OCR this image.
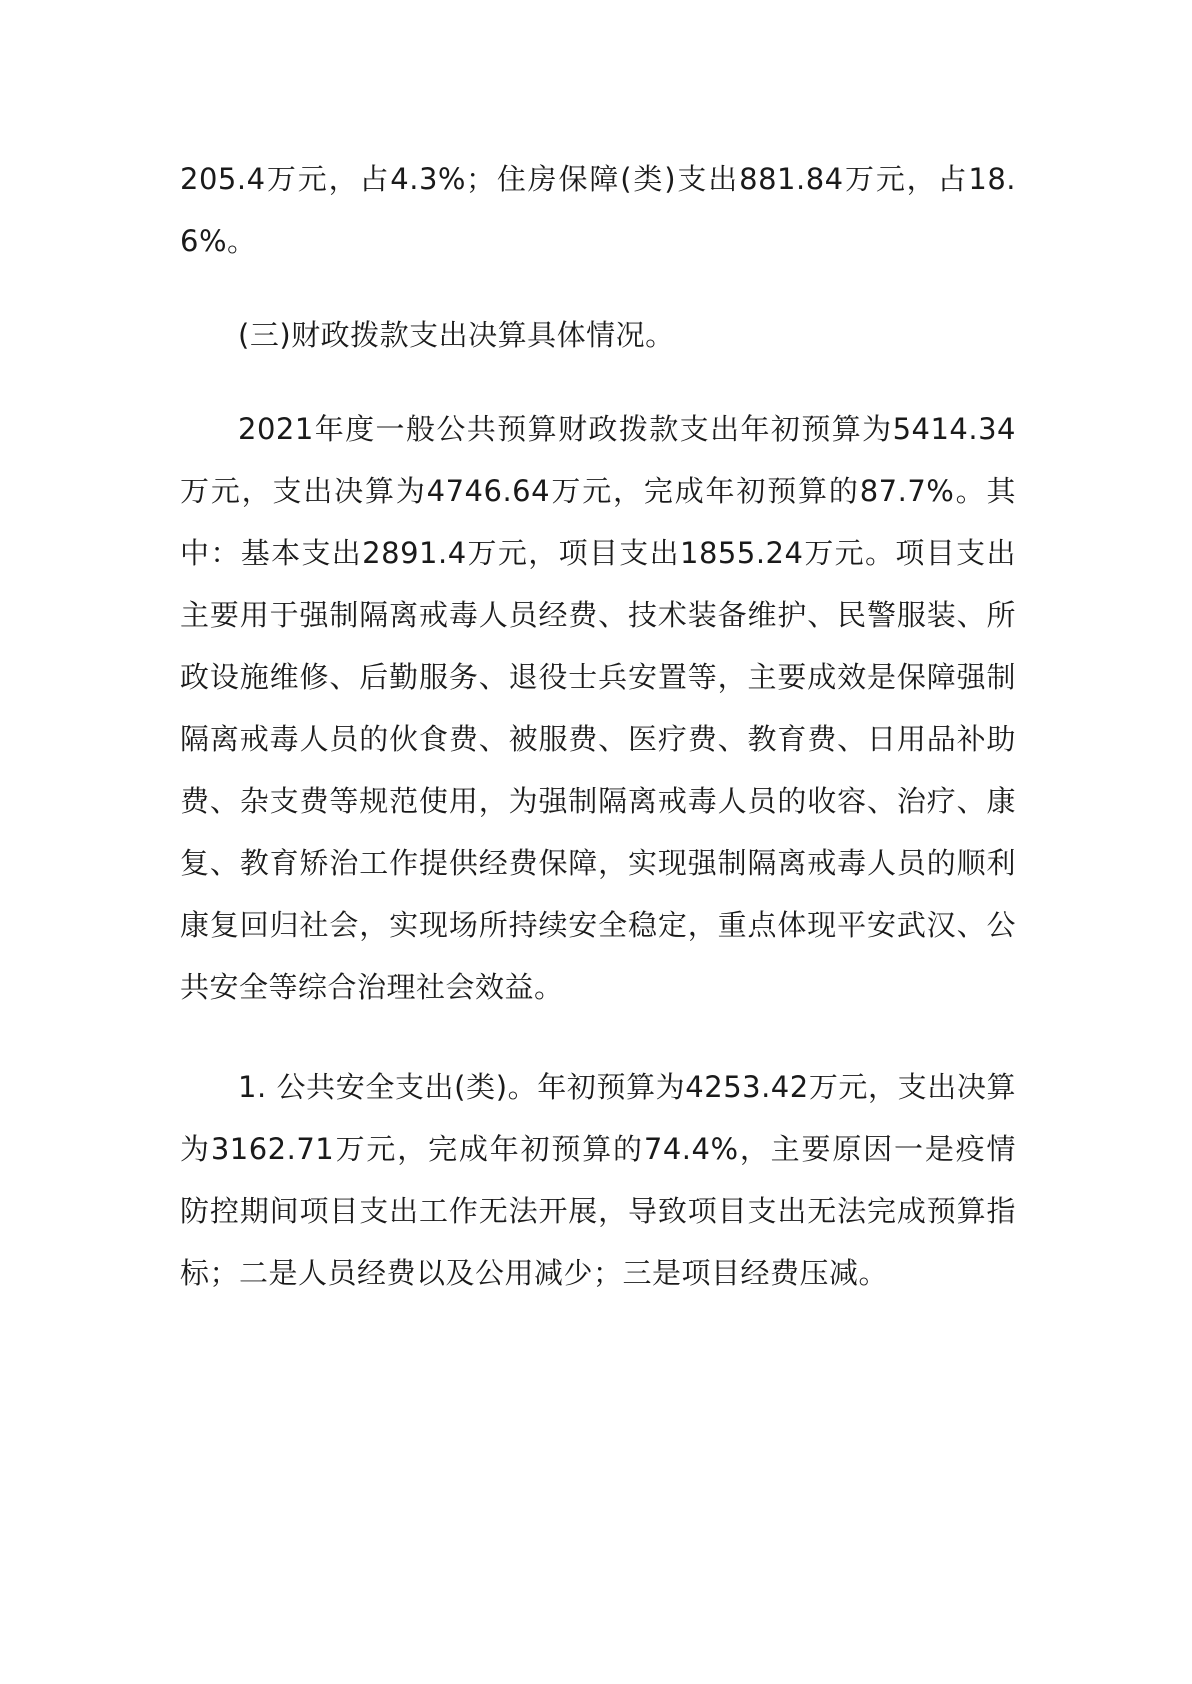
205.4万元，占4.3%；住房保障(类)支出881.84万元，占18.6%。

(三)财政拨款支出决算具体情况。

2021年度一般公共预算财政拨款支出年初预算为5414.34万元，支出决算为4746.64万元，完成年初预算的87.7%。其中：基本支出2891.4万元，项目支出1855.24万元。项目支出主要用于强制隔离戒毒人员经费、技术装备维护、民警服装、所政设施维修、后勤服务、退役士兵安置等，主要成效是保障强制隔离戒毒人员的伙食费、被服费、医疗费、教育费、日用品补助费、杂支费等规范使用，为强制隔离戒毒人员的收容、治疗、康复、教育矫治工作提供经费保障，实现强制隔离戒毒人员的顺利康复回归社会，实现场所持续安全稳定，重点体现平安武汉、公共安全等综合治理社会效益。

1. 公共安全支出(类)。年初预算为4253.42万元，支出决算为3162.71万元，完成年初预算的74.4%，主要原因一是疫情防控期间项目支出工作无法开展，导致项目支出无法完成预算指标；二是人员经费以及公用减少；三是项目经费压减。
